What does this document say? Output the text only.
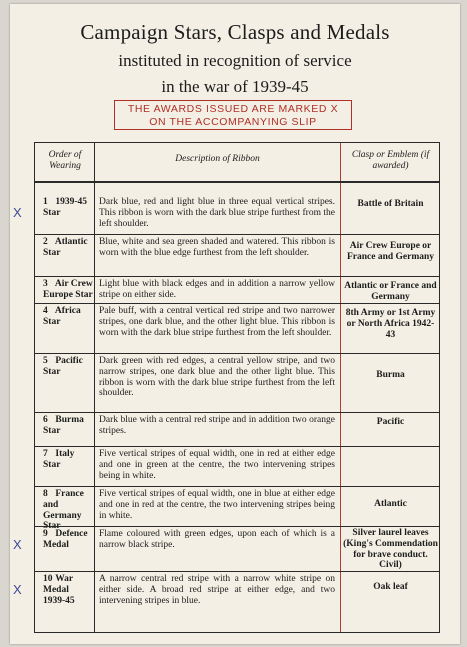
Campaign Stars, Clasps and Medals
instituted in recognition of service
in the war of 1939-45
THE AWARDS ISSUED ARE MARKED X
ON THE ACCOMPANYING SLIP
Order of Wearing
Description of Ribbon	Clasp or Emblem (if awarded)
1 1939-45 Star
Dark blue, red and light blue in three equal vertical stripes. This ribbon is worn with the dark blue stripe furthest from the left shoulder.
Battle of Britain
X
2 Atlantic Star
Blue, white and sea green shaded and watered. This ribbon is worn with the blue edge furthest from the left shoulder.
Air Crew Europe or France and Germany
3 Air Crew Europe Star
Light blue with black edges and in addition a narrow yellow stripe on either side.
Atlantic or France and Germany
4 Africa Star
Pale buff, with a central vertical red stripe and two narrower stripes, one dark blue, and the other light blue. This ribbon is worn with the dark blue stripe furthest from the left shoulder.
8th Army or 1st Army or North Africa 1942-43
5 Pacific Star
Dark green with red edges, a central yellow stripe, and two narrow stripes, one dark blue and the other light blue. This ribbon is worn with the dark blue stripe furthest from the left shoulder.
Burma
6 Burma Star
Dark blue with a central red stripe and in addition two orange stripes.
Pacific
7 Italy Star
Five vertical stripes of equal width, one in red at either edge and one in green at the centre, the two intervening stripes being in white.
8 France and Germany
Five vertical stripes of equal width, one in blue at either edge and one in red at the centre, the two intervening stripes being in white.
Atlantic
9 Defence Medal
Flame coloured with green edges, upon each of which is a narrow black stripe.
Silver laurel leaves (King's Commendation for brave conduct. Civil)
X
10 War Medal 1939-45
A narrow central red stripe with a narrow white stripe on either side. A broad red stripe at either edge, and two intervening stripes in blue.
Oak leaf
X
